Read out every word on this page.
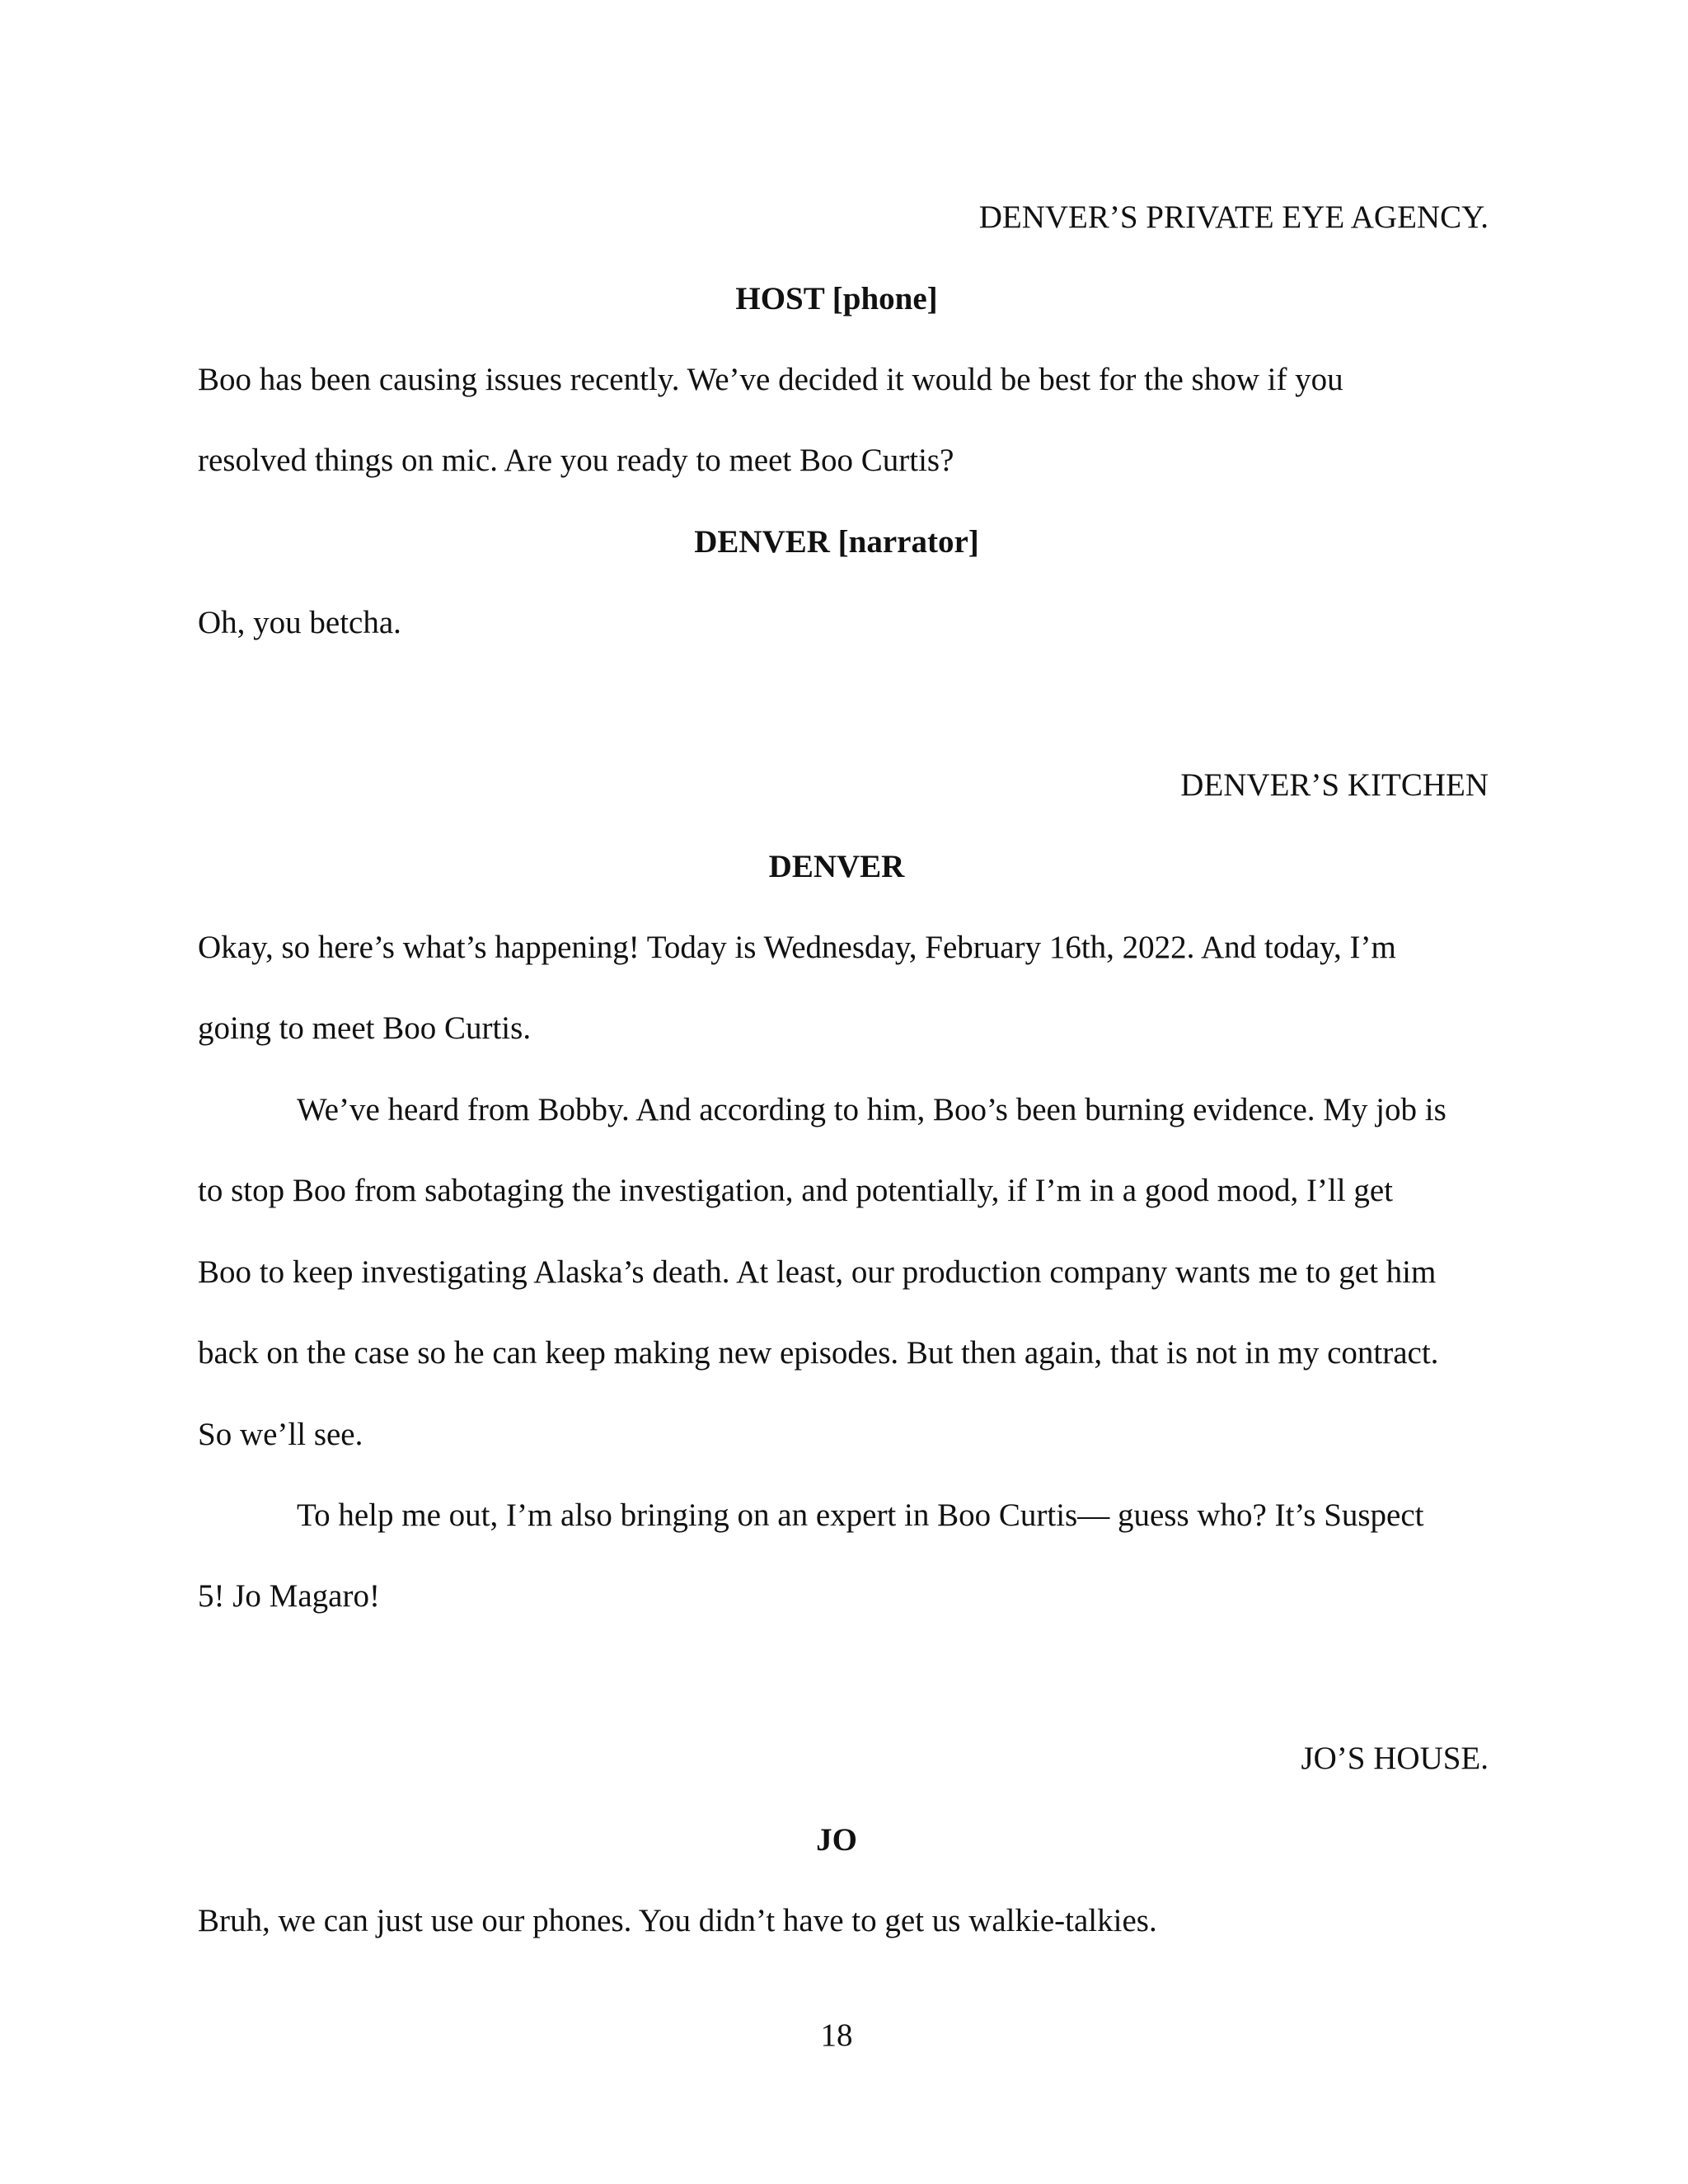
DENVER’S PRIVATE EYE AGENCY.
HOST [phone]
Boo has been causing issues recently. We’ve decided it would be best for the show if you
resolved things on mic. Are you ready to meet Boo Curtis?
DENVER [narrator]
Oh, you betcha.
DENVER’S KITCHEN
DENVER
Okay, so here’s what’s happening! Today is Wednesday, February 16th, 2022. And today, I’m
going to meet Boo Curtis.
We’ve heard from Bobby. And according to him, Boo’s been burning evidence. My job is
to stop Boo from sabotaging the investigation, and potentially, if I’m in a good mood, I’ll get
Boo to keep investigating Alaska’s death. At least, our production company wants me to get him
back on the case so he can keep making new episodes. But then again, that is not in my contract.
So we’ll see.
To help me out, I’m also bringing on an expert in Boo Curtis— guess who? It’s Suspect
5! Jo Magaro!
JO’S HOUSE.
JO
Bruh, we can just use our phones. You didn’t have to get us walkie-talkies.
18
